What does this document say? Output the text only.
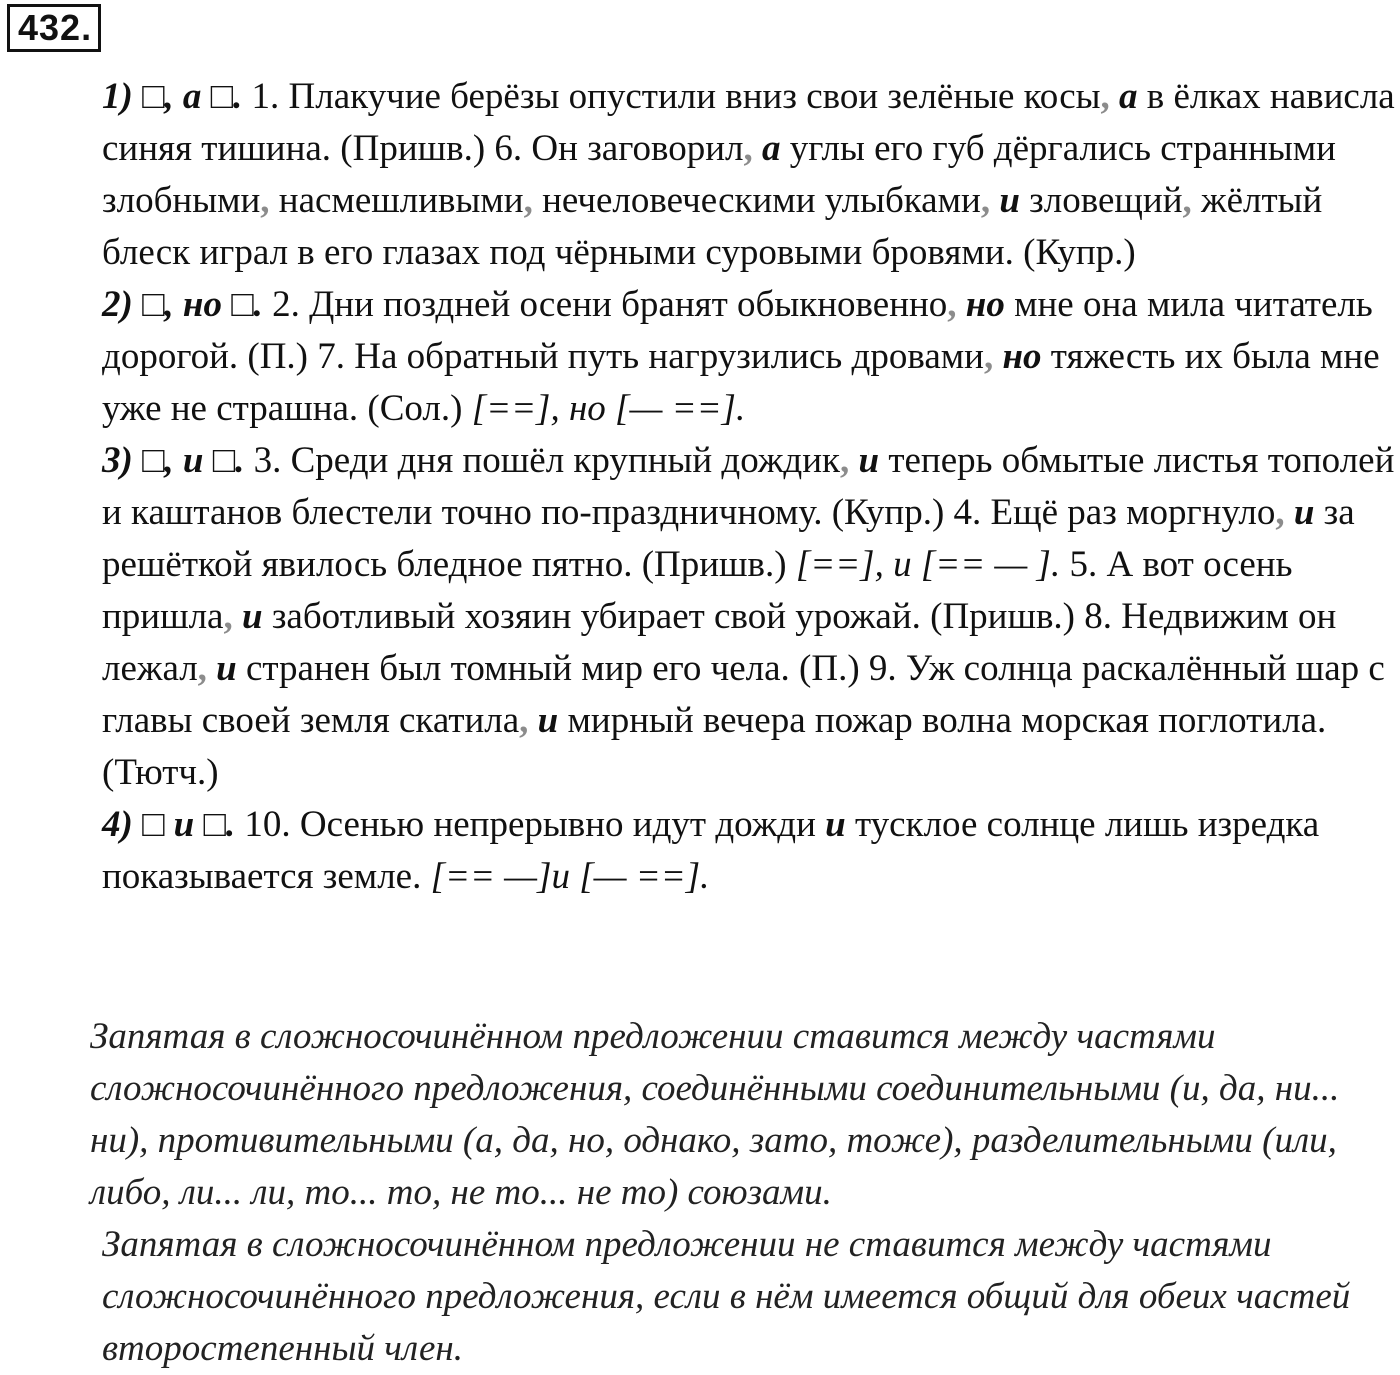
432.

1) □, а □. 1. Плакучие берёзы опустили вниз свои зелёные косы, а в ёлках нависла синяя тишина. (Пришв.) 6. Он заговорил, а углы его губ дёргались странными злобными, насмешливыми, нечеловеческими улыбками, и зловещий, жёлтый блеск играл в его глазах под чёрными суровыми бровями. (Купр.)

2) □, но □. 2. Дни поздней осени бранят обыкновенно, но мне она мила читатель дорогой. (П.) 7. На обратный путь нагрузились дровами, но тяжесть их была мне уже не страшна. (Сол.) [==], но [— ==].

3) □, и □. 3. Среди дня пошёл крупный дождик, и теперь обмытые листья тополей и каштанов блестели точно по-праздничному. (Купр.) 4. Ещё раз моргнуло, и за решёткой явилось бледное пятно. (Пришв.) [==], и [== — ]. 5. А вот осень пришла, и заботливый хозяин убирает свой урожай. (Пришв.) 8. Недвижим он лежал, и странен был томный мир его чела. (П.) 9. Уж солнца раскалённый шар с главы своей земля скатила, и мирный вечера пожар волна морская поглотила. (Тютч.)

4) □ и □. 10. Осенью непрерывно идут дожди и тусклое солнце лишь изредка показывается земле. [== —]и [— ==].

Запятая в сложносочинённом предложении ставится между частями сложносочинённого предложения, соединёнными соединительными (и, да, ни... ни), противительными (а, да, но, однако, зато, тоже), разделительными (или, либо, ли... ли, то... то, не то... не то) союзами.

Запятая в сложносочинённом предложении не ставится между частями сложносочинённого предложения, если в нём имеется общий для обеих частей второстепенный член.
